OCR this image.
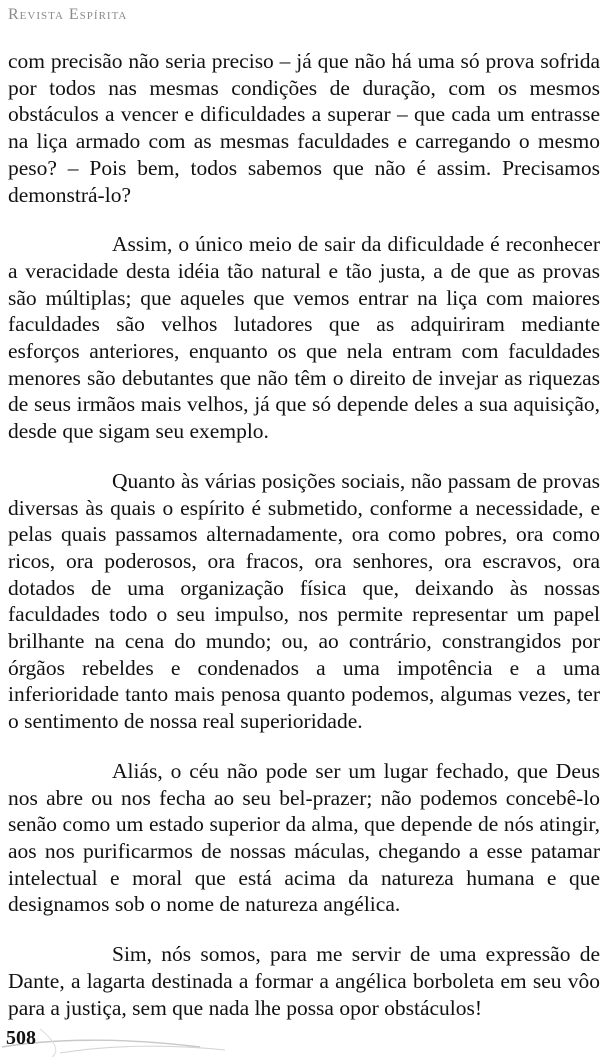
Revista Espírita

com precisão não seria preciso – já que não há uma só prova sofrida por todos nas mesmas condições de duração, com os mesmos obstáculos a vencer e dificuldades a superar – que cada um entrasse na liça armado com as mesmas faculdades e carregando o mesmo peso? – Pois bem, todos sabemos que não é assim. Precisamos demonstrá-lo?

Assim, o único meio de sair da dificuldade é reconhecer a veracidade desta idéia tão natural e tão justa, a de que as provas são múltiplas; que aqueles que vemos entrar na liça com maiores faculdades são velhos lutadores que as adquiriram mediante esforços anteriores, enquanto os que nela entram com faculdades menores são debutantes que não têm o direito de invejar as riquezas de seus irmãos mais velhos, já que só depende deles a sua aquisição, desde que sigam seu exemplo.

Quanto às várias posições sociais, não passam de provas diversas às quais o espírito é submetido, conforme a necessidade, e pelas quais passamos alternadamente, ora como pobres, ora como ricos, ora poderosos, ora fracos, ora senhores, ora escravos, ora dotados de uma organização física que, deixando às nossas faculdades todo o seu impulso, nos permite representar um papel brilhante na cena do mundo; ou, ao contrário, constrangidos por órgãos rebeldes e condenados a uma impotência e a uma inferioridade tanto mais penosa quanto podemos, algumas vezes, ter o sentimento de nossa real superioridade.

Aliás, o céu não pode ser um lugar fechado, que Deus nos abre ou nos fecha ao seu bel-prazer; não podemos concebê-lo senão como um estado superior da alma, que depende de nós atingir, aos nos purificarmos de nossas máculas, chegando a esse patamar intelectual e moral que está acima da natureza humana e que designamos sob o nome de natureza angélica.

Sim, nós somos, para me servir de uma expressão de Dante, a lagarta destinada a formar a angélica borboleta em seu vôo para a justiça, sem que nada lhe possa opor obstáculos!

508
